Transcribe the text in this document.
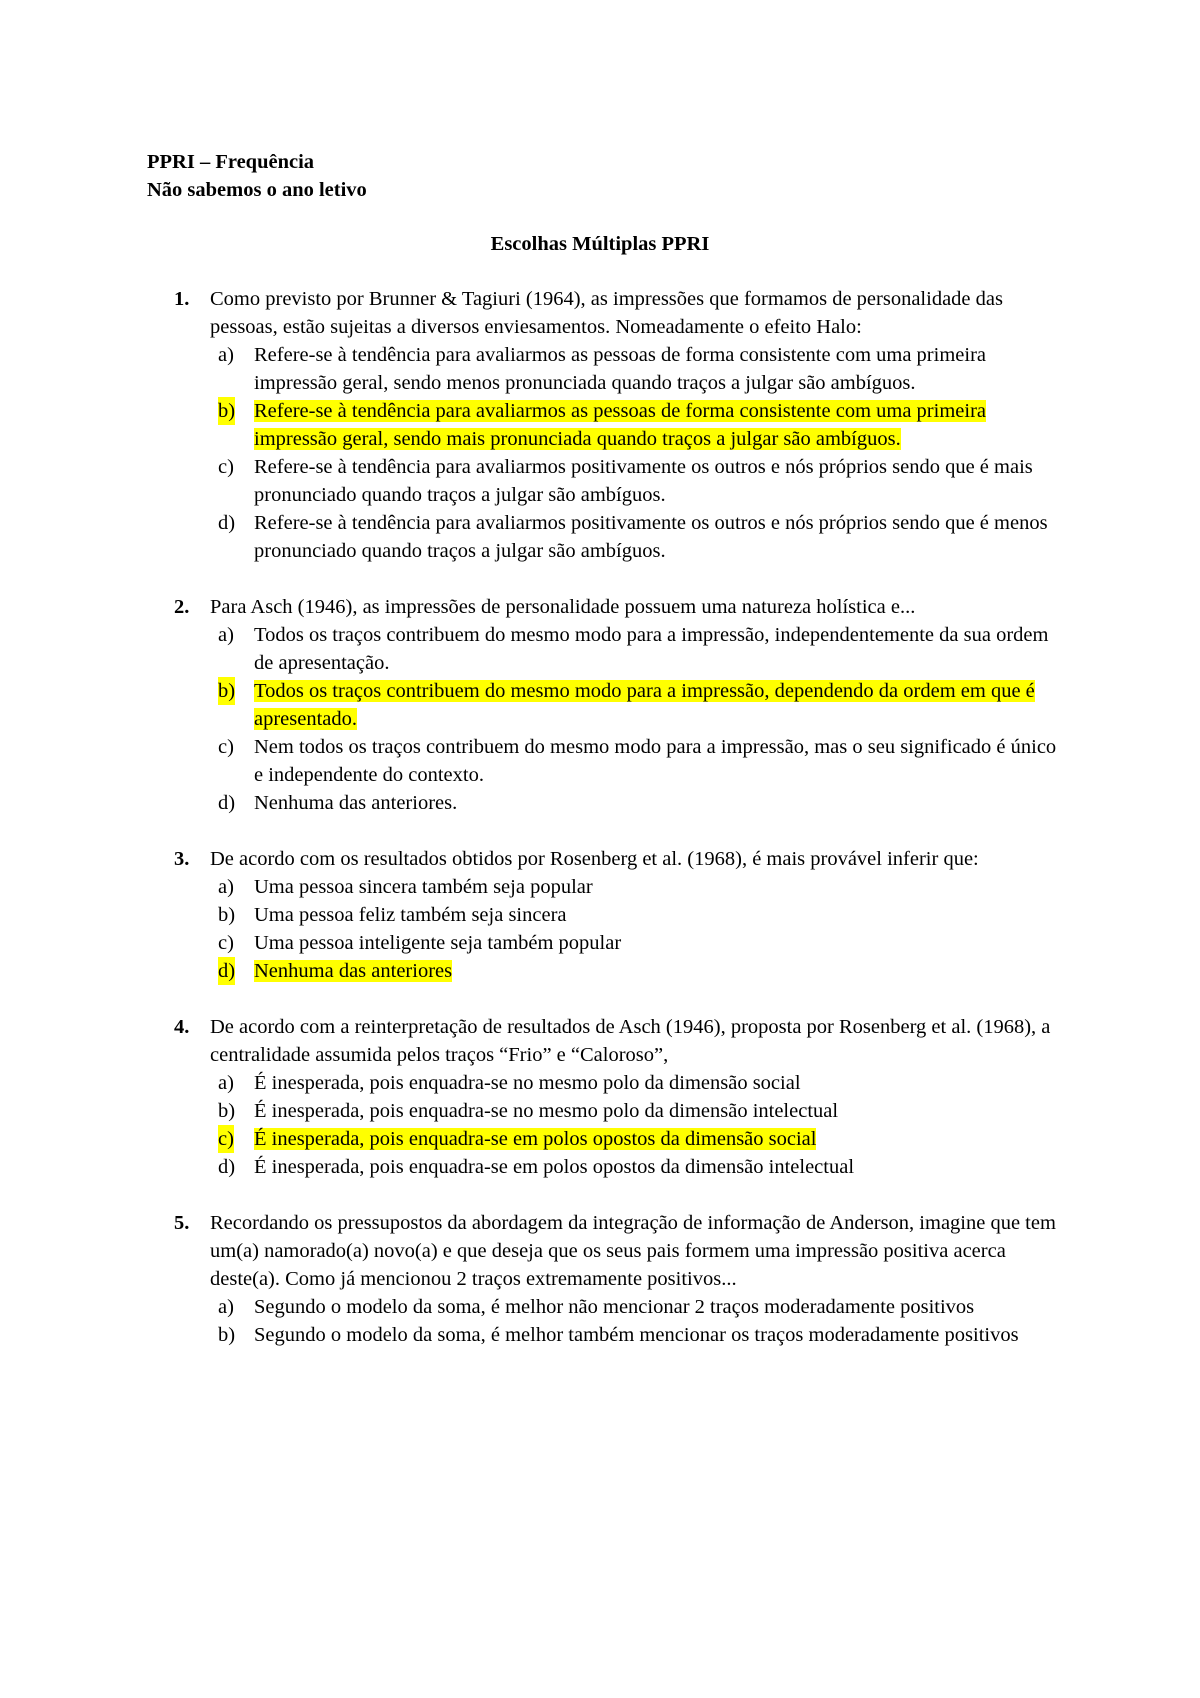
PPRI – Frequência
Não sabemos o ano letivo
Escolhas Múltiplas PPRI
1. Como previsto por Brunner & Tagiuri (1964), as impressões que formamos de personalidade das pessoas, estão sujeitas a diversos enviesamentos. Nomeadamente o efeito Halo:
a) Refere-se à tendência para avaliarmos as pessoas de forma consistente com uma primeira impressão geral, sendo menos pronunciada quando traços a julgar são ambíguos.
b) Refere-se à tendência para avaliarmos as pessoas de forma consistente com uma primeira impressão geral, sendo mais pronunciada quando traços a julgar são ambíguos.
c) Refere-se à tendência para avaliarmos positivamente os outros e nós próprios sendo que é mais pronunciado quando traços a julgar são ambíguos.
d) Refere-se à tendência para avaliarmos positivamente os outros e nós próprios sendo que é menos pronunciado quando traços a julgar são ambíguos.
2. Para Asch (1946), as impressões de personalidade possuem uma natureza holística e...
a) Todos os traços contribuem do mesmo modo para a impressão, independentemente da sua ordem de apresentação.
b) Todos os traços contribuem do mesmo modo para a impressão, dependendo da ordem em que é apresentado.
c) Nem todos os traços contribuem do mesmo modo para a impressão, mas o seu significado é único e independente do contexto.
d) Nenhuma das anteriores.
3. De acordo com os resultados obtidos por Rosenberg et al. (1968), é mais provável inferir que:
a) Uma pessoa sincera também seja popular
b) Uma pessoa feliz também seja sincera
c) Uma pessoa inteligente seja também popular
d) Nenhuma das anteriores
4. De acordo com a reinterpretação de resultados de Asch (1946), proposta por Rosenberg et al. (1968), a centralidade assumida pelos traços “Frio” e “Caloroso”,
a) É inesperada, pois enquadra-se no mesmo polo da dimensão social
b) É inesperada, pois enquadra-se no mesmo polo da dimensão intelectual
c) É inesperada, pois enquadra-se em polos opostos da dimensão social
d) É inesperada, pois enquadra-se em polos opostos da dimensão intelectual
5. Recordando os pressupostos da abordagem da integração de informação de Anderson, imagine que tem um(a) namorado(a) novo(a) e que deseja que os seus pais formem uma impressão positiva acerca deste(a). Como já mencionou 2 traços extremamente positivos...
a) Segundo o modelo da soma, é melhor não mencionar 2 traços moderadamente positivos
b) Segundo o modelo da soma, é melhor também mencionar os traços moderadamente positivos
